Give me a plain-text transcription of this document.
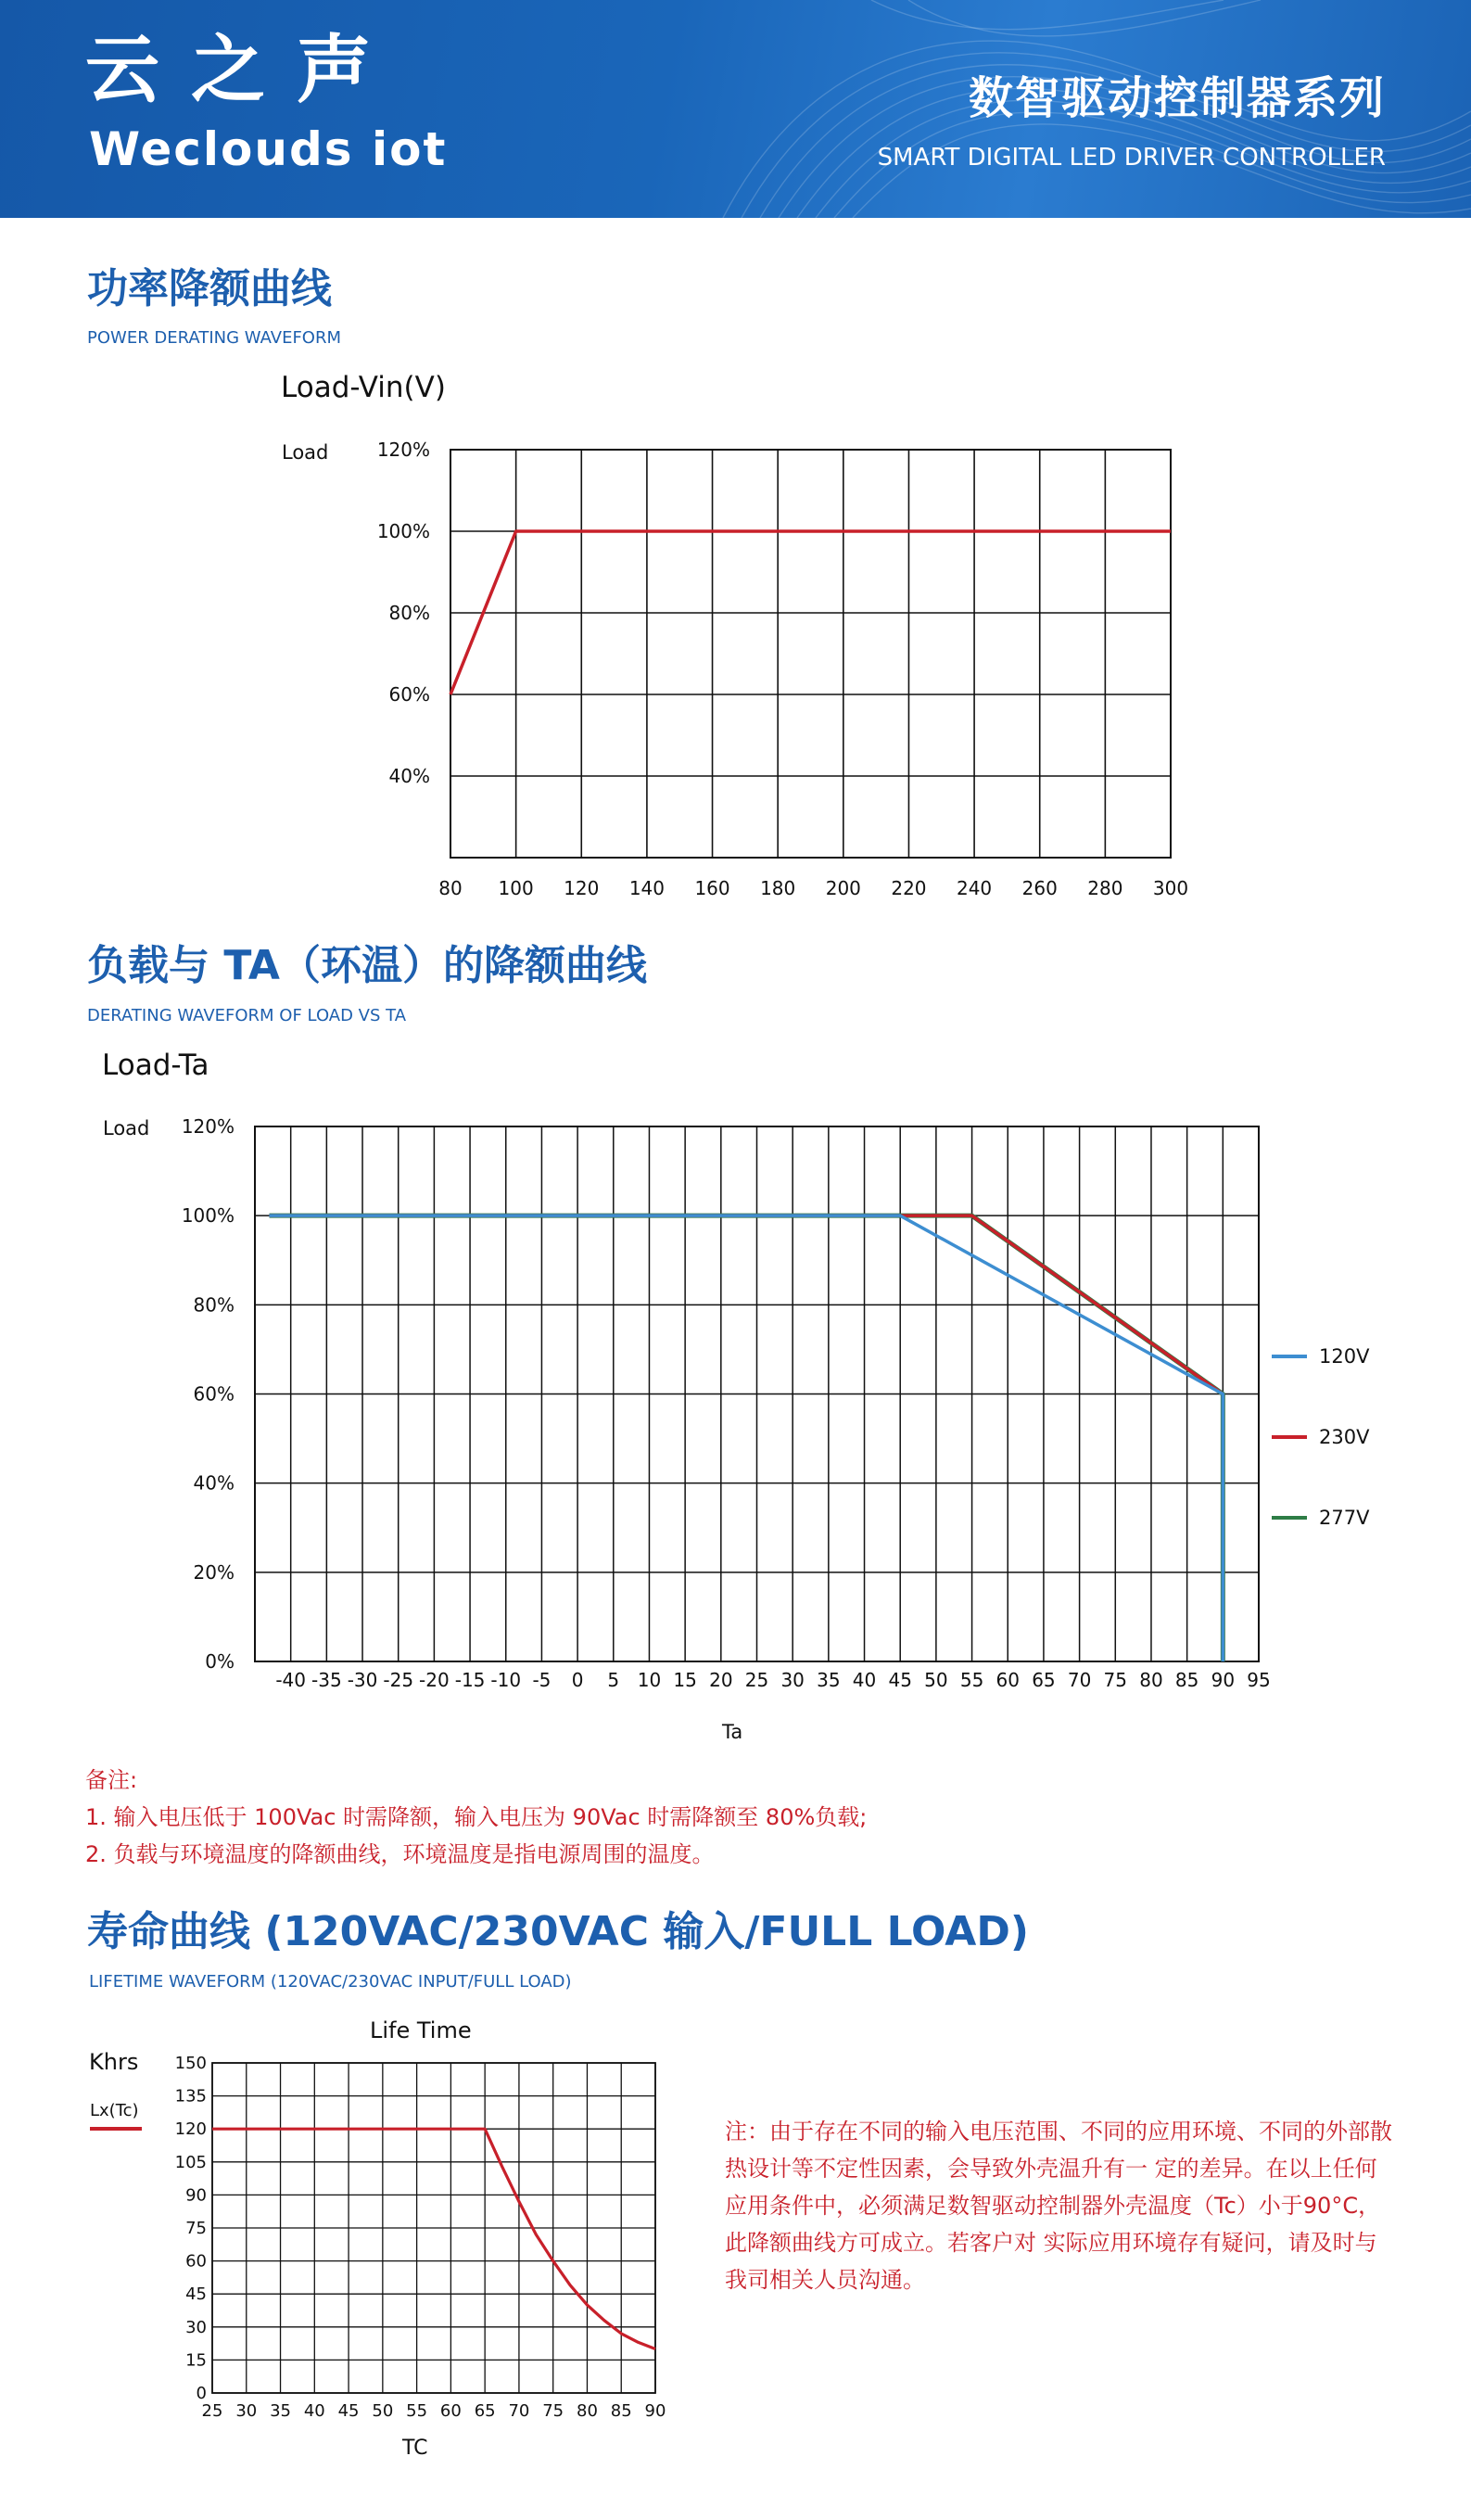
云之声
Weclouds iot
数智驱动控制器系列
SMART DIGITAL LED DRIVER CONTROLLER
功率降额曲线
POWER DERATING WAVEFORM
Load-Vin(V)
Load
80 100 120 140 160 180 200 220 240 260 280 300
120%
100%
80%
60%
40%
负载与 TA（环温）的降额曲线
DERATING WAVEFORM OF LOAD VS TA
Load-Ta
Load
-40 -35 -30 -25 -20 -15 -10 -5 0 5 10 15 20 25 30 35 40 45 50 55 60 65 70 75 80 85 90 95
120%
100%
80%
60%
40%
20%
0%
120V
230V
277V
Ta
备注:
1. 输入电压低于 100Vac 时需降额，输入电压为 90Vac 时需降额至 80%负载;
2. 负载与环境温度的降额曲线，环境温度是指电源周围的温度。
寿命曲线 (120VAC/230VAC 输入/FULL LOAD)
LIFETIME WAVEFORM (120VAC/230VAC INPUT/FULL LOAD)
Life Time
Khrs
Lx(Tc)
25 30 35 40 45 50 55 60 65 70 75 80 85 90
0
15
30
45
60
75
90
105
120
135
150
TC
注：由于存在不同的输入电压范围、不同的应用环境、不同的外部散热设计等不定性因素，会导致外壳温升有一 定的差异。在以上任何应用条件中，必须满足数智驱动控制器外壳温度（Tc）小于90°C，此降额曲线方可成立。若客户对 实际应用环境存有疑问，请及时与我司相关人员沟通。
